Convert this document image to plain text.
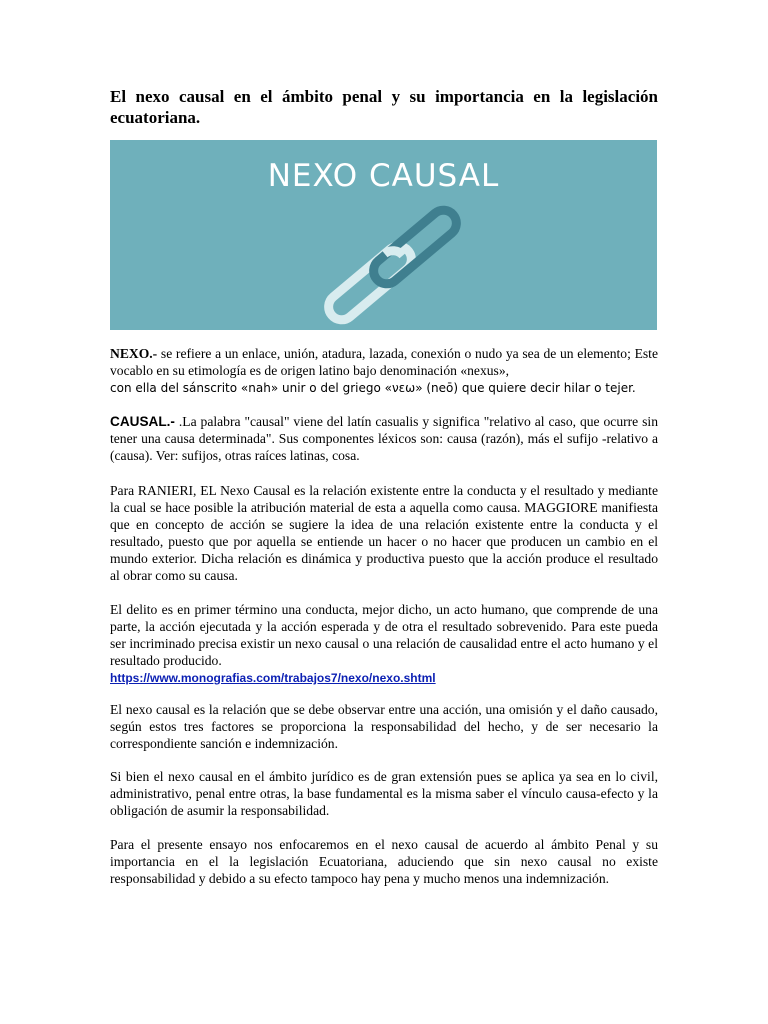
El nexo causal en el ámbito penal y su importancia en la legislación ecuatoriana.
NEXO CAUSAL

NEXO.- se refiere a un enlace, unión, atadura, lazada, conexión o nudo ya sea de un elemento; Este vocablo en su etimología es de origen latino bajo denominación «nexus»,
con ella del sánscrito «nah» unir o del griego «νεω» (neō) que quiere decir hilar o tejer.

CAUSAL.- .La palabra "causal" viene del latín casualis y significa "relativo al caso, que ocurre sin tener una causa determinada". Sus componentes léxicos son: causa (razón), más el sufijo -relativo a (causa). Ver: sufijos, otras raíces latinas, cosa.

Para RANIERI, EL Nexo Causal es la relación existente entre la conducta y el resultado y mediante la cual se hace posible la atribución material de esta a aquella como causa. MAGGIORE manifiesta que en concepto de acción se sugiere la idea de una relación existente entre la conducta y el resultado, puesto que por aquella se entiende un hacer o no hacer que producen un cambio en el mundo exterior. Dicha relación es dinámica y productiva puesto que la acción produce el resultado al obrar como su causa.

El delito es en primer término una conducta, mejor dicho, un acto humano, que comprende de una parte, la acción ejecutada y la acción esperada y de otra el resultado sobrevenido. Para este pueda ser incriminado precisa existir un nexo causal o una relación de causalidad entre el acto humano y el resultado producido.
https://www.monografias.com/trabajos7/nexo/nexo.shtml

El nexo causal es la relación que se debe observar entre una acción, una omisión y el daño causado, según estos tres factores se proporciona la responsabilidad del hecho, y de ser necesario la correspondiente sanción e indemnización.

Si bien el nexo causal en el ámbito jurídico es de gran extensión pues se aplica ya sea en lo civil, administrativo, penal entre otras, la base fundamental es la misma saber el vínculo causa-efecto y la obligación de asumir la responsabilidad.

Para el presente ensayo nos enfocaremos en el nexo causal de acuerdo al ámbito Penal y su importancia en el la legislación Ecuatoriana, aduciendo que sin nexo causal no existe responsabilidad y debido a su efecto tampoco hay pena y mucho menos una indemnización.
